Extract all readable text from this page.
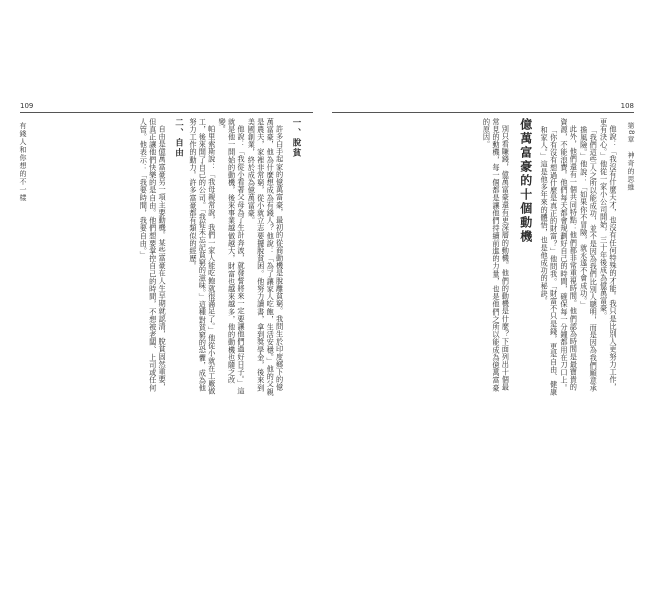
109
有錢人和你想的不一樣	一、脫貧

許多白手起家的億萬富豪，最初的從商動機是脫離貧窮。我問生於印度鄉下的億萬富豪，他為什麼想成為有錢人？他說：「為了讓家人吃飽，生活安穩。」他的父親是農夫，家裡非常窮，從小就立志要擺脫貧困。他努力讀書，拿到獎學金，後來到美國創業，終於成為億萬富豪。

他說：「我從小看著父母為了生計奔波，就發誓將來一定要讓他們過好日子。」這就是他一開始的動機，後來事業越做越大，財富也越來越多，他的動機也隨之改變。

帕里索斯說：「我母親常說，我們一家人能吃飽就很滿足了。」他從小就在工廠做工，後來開了自己的公司。「我從未忘記貧窮的滋味。」這種對貧窮的恐懼，成為他努力工作的動力。許多富豪都有類似的經歷。

二、自由

自由是億萬富豪另一項主要動機。某些富豪在人生早期就認清，脫貧固然重要，但真正讓他們快樂的是自由。他們想要掌控自己的時間，不想被老闆、上司或任何人管。他表示：「我要時間，我要自由。」

108
第8章　神奇的思維

他說：「我沒有什麼天才，也沒有任何特殊的才能。我只是比別人更努力工作，更有決心。」他從一家小公司開始，三十年後成為億萬富豪。

「我們這些人之所以能成功，並不是因為我們比別人聰明，而是因為我們願意承擔風險。」他說：「如果你不冒險，就永遠不會成功。」

此外，他們還有一個共同特點：他們都非常重視時間。他們認為時間是最寶貴的資源，不能浪費。他們每天都會規劃好自己的時間，確保每一分鐘都用在刀口上。

「你有沒有想過什麼是真正的財富？」他問我。「財富不只是錢，更是自由、健康和家人。」這是他多年來的體悟，也是他成功的秘訣。

億萬富豪的十個動機

別只看賺錢，億萬富豪還有更深層的動機。他們的動機是什麼？下面列出十個最常見的動機，每一個都是讓他們持續前進的力量，也是他們之所以能成為億萬富豪的原因。
